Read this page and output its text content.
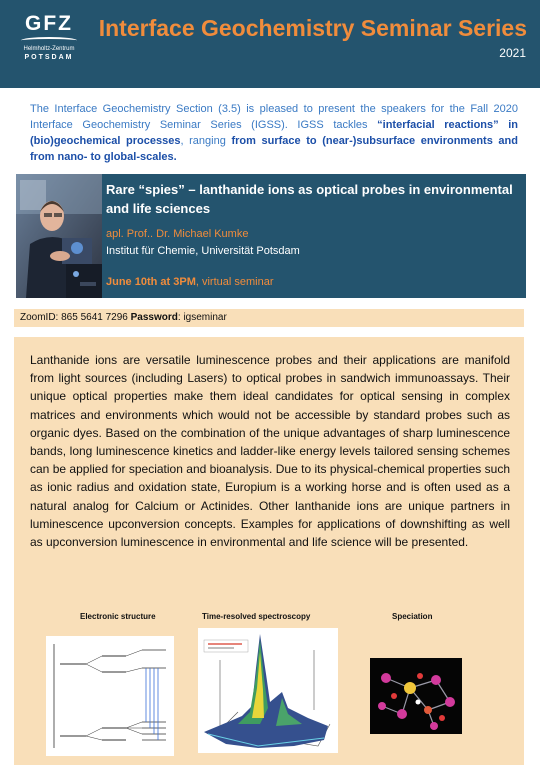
GFZ
Helmholtz-Zentrum
POTSDAM
Interface Geochemistry Seminar Series
2021
The Interface Geochemistry Section (3.5) is pleased to present the speakers for the Fall 2020 Interface Geochemistry Seminar Series (IGSS). IGSS tackles “interfacial reactions” in (bio)geochemical processes, ranging from surface to (near-)subsurface environments and from nano- to global-scales.
Rare “spies” – lanthanide ions as optical probes in environmental and life sciences
apl. Prof.. Dr. Michael Kumke
Institut für Chemie, Universität Potsdam
June 10th at 3PM, virtual seminar
ZoomID: 865 5641 7296 Password: igseminar
Lanthanide ions are versatile luminescence probes and their applications are manifold from light sources (including Lasers) to optical probes in sandwich immunoassays. Their unique optical properties make them ideal candidates for optical sensing in complex matrices and environments which would not be accessible by standard probes such as organic dyes. Based on the combination of the unique advantages of sharp luminescence bands, long luminescence kinetics and ladder-like energy levels tailored sensing schemes can be applied for speciation and bioanalysis. Due to its physical-chemical properties such as ionic radius and oxidation state, Europium is a working horse and is often used as a natural analog for Calcium or Actinides. Other lanthanide ions are unique partners in luminescence upconversion concepts. Examples for applications of downshifting as well as upconversion luminescence in environmental and life science will be presented.
Electronic structure	Time-resolved spectroscopy	Speciation
